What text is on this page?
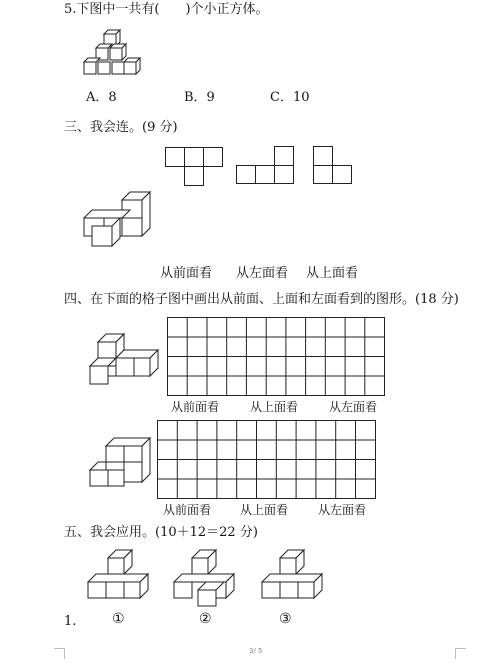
5.下图中一共有(　　)个小正方体。
A．8	B．9	C．10
三、我会连。(9 分)
从前面看 从左面看 从上面看
四、在下面的格子图中画出从前面、上面和左面看到的图形。(18 分)
从前面看	从上面看	从左面看
从前面看 从上面看 从左面看
五、我会应用。(10＋12＝22 分)
1.	①	②	③
3/ 5
